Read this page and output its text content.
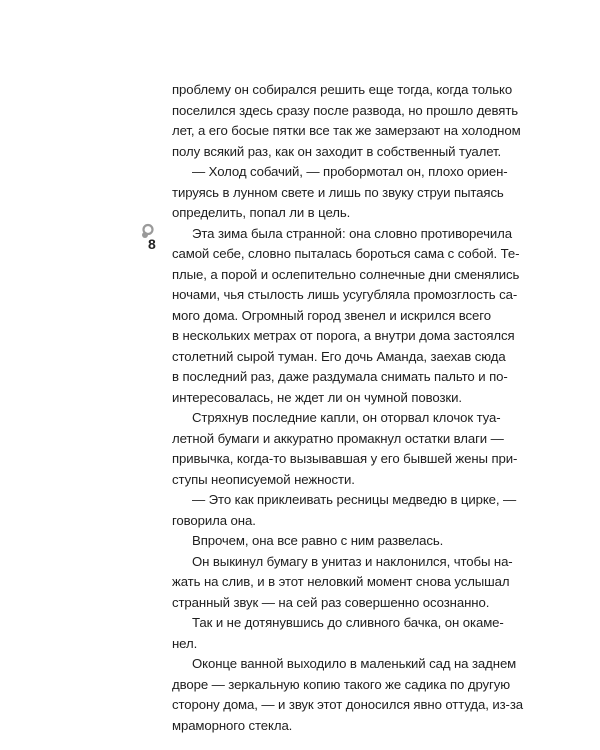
8
проблему он собирался решить еще тогда, когда только
поселился здесь сразу после развода, но прошло девять
лет, а его босые пятки все так же замерзают на холодном
полу всякий раз, как он заходит в собственный туалет.
— Холод собачий, — пробормотал он, плохо ориен-
тируясь в лунном свете и лишь по звуку струи пытаясь
определить, попал ли в цель.
Эта зима была странной: она словно противоречила
самой себе, словно пыталась бороться сама с собой. Те-
плые, а порой и ослепительно солнечные дни сменялись
ночами, чья стылость лишь усугубляла промозглость са-
мого дома. Огромный город звенел и искрился всего
в нескольких метрах от порога, а внутри дома застоялся
столетний сырой туман. Его дочь Аманда, заехав сюда
в последний раз, даже раздумала снимать пальто и по-
интересовалась, не ждет ли он чумной повозки.
Стряхнув последние капли, он оторвал клочок туа-
летной бумаги и аккуратно промакнул остатки влаги —
привычка, когда-то вызывавшая у его бывшей жены при-
ступы неописуемой нежности.
— Это как приклеивать ресницы медведю в цирке, —
говорила она.
Впрочем, она все равно с ним развелась.
Он выкинул бумагу в унитаз и наклонился, чтобы на-
жать на слив, и в этот неловкий момент снова услышал
странный звук — на сей раз совершенно осознанно.
Так и не дотянувшись до сливного бачка, он окаме-
нел.
Оконце ванной выходило в маленький сад на заднем
дворе — зеркальную копию такого же садика по другую
сторону дома, — и звук этот доносился явно оттуда, из-за
мраморного стекла.
